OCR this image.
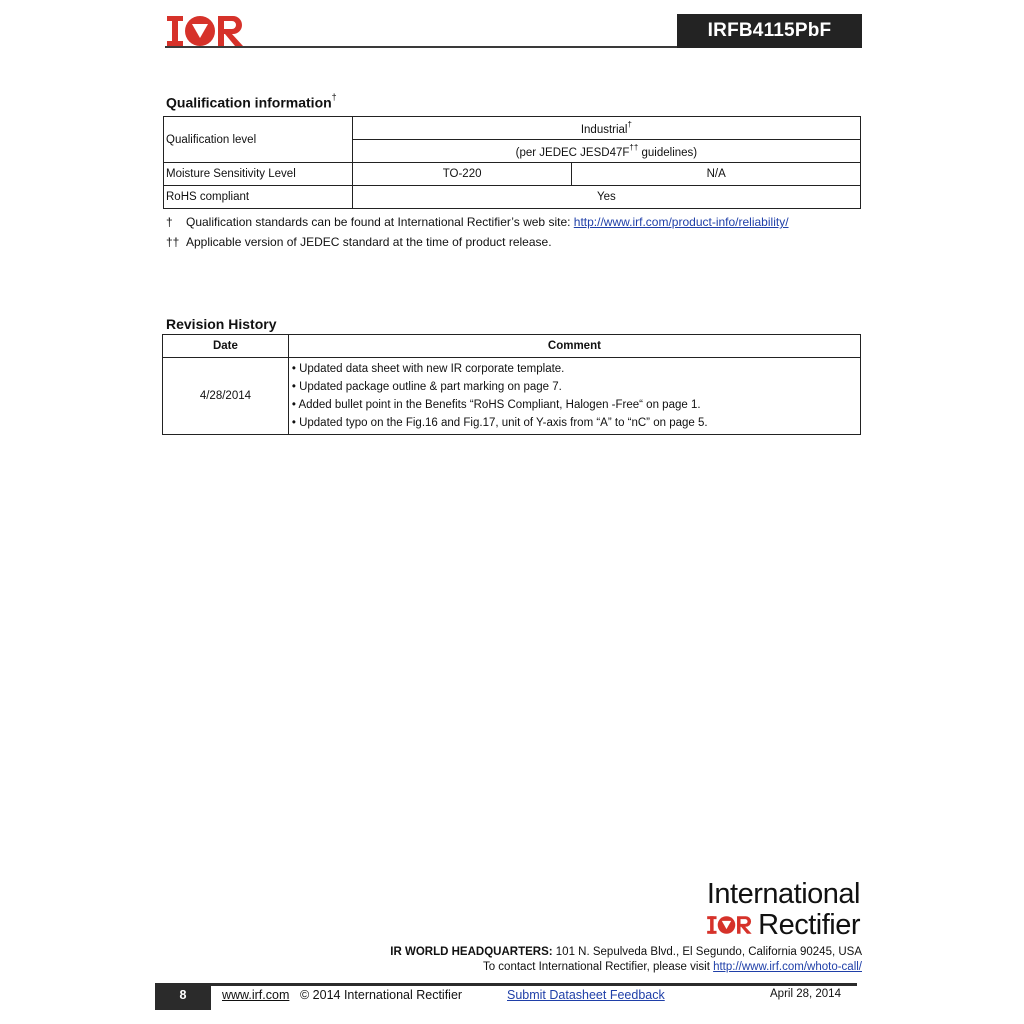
IRFB4115PbF
Qualification information†
Qualification level	Industrial†
	(per JEDEC JESD47F†† guidelines)	
Moisture Sensitivity Level	TO-220	N/A
RoHS compliant	Yes	
† Qualification standards can be found at International Rectifier’s web site: http://www.irf.com/product-info/reliability/
†† Applicable version of JEDEC standard at the time of product release.
Revision History
Date	Comment
4/28/2014	• Updated data sheet with new IR corporate template.
• Updated package outline & part marking on page 7.
• Added bullet point in the Benefits “RoHS Compliant, Halogen -Free“ on page 1.
• Updated typo on the Fig.16 and Fig.17, unit of Y-axis from “A” to “nC” on page 5.
International
Rectifier
IR WORLD HEADQUARTERS: 101 N. Sepulveda Blvd., El Segundo, California 90245, USA
To contact International Rectifier, please visit http://www.irf.com/whoto-call/
8	www.irf.com © 2014 International Rectifier	Submit Datasheet Feedback	April 28, 2014
